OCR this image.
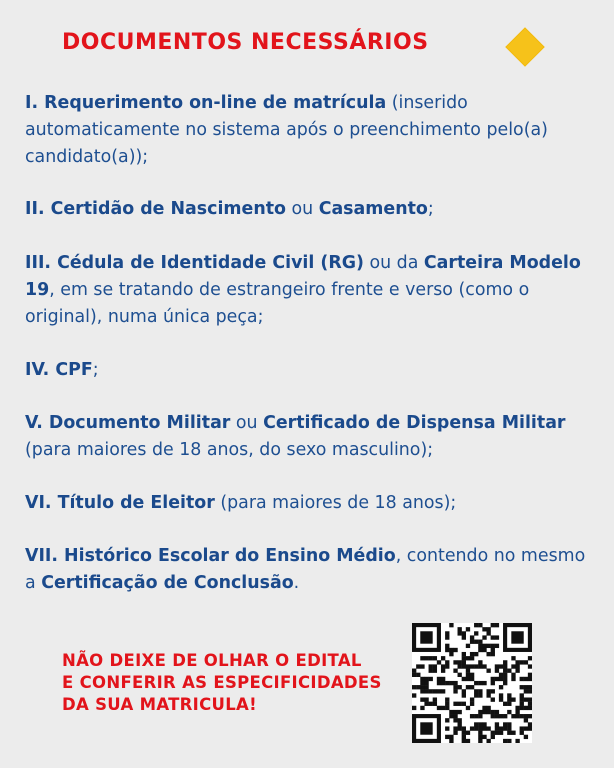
DOCUMENTOS NECESSÁRIOS

I. Requerimento on-line de matrícula (inserido automaticamente no sistema após o preenchimento pelo(a) candidato(a));

II. Certidão de Nascimento ou Casamento;

III. Cédula de Identidade Civil (RG) ou da Carteira Modelo 19, em se tratando de estrangeiro frente e verso (como o original), numa única peça;

IV. CPF;

V. Documento Militar ou Certificado de Dispensa Militar (para maiores de 18 anos, do sexo masculino);

VI. Título de Eleitor (para maiores de 18 anos);

VII. Histórico Escolar do Ensino Médio, contendo no mesmo a Certificação de Conclusão.

NÃO DEIXE DE OLHAR O EDITAL
E CONFERIR AS ESPECIFICIDADES
DA SUA MATRICULA!
